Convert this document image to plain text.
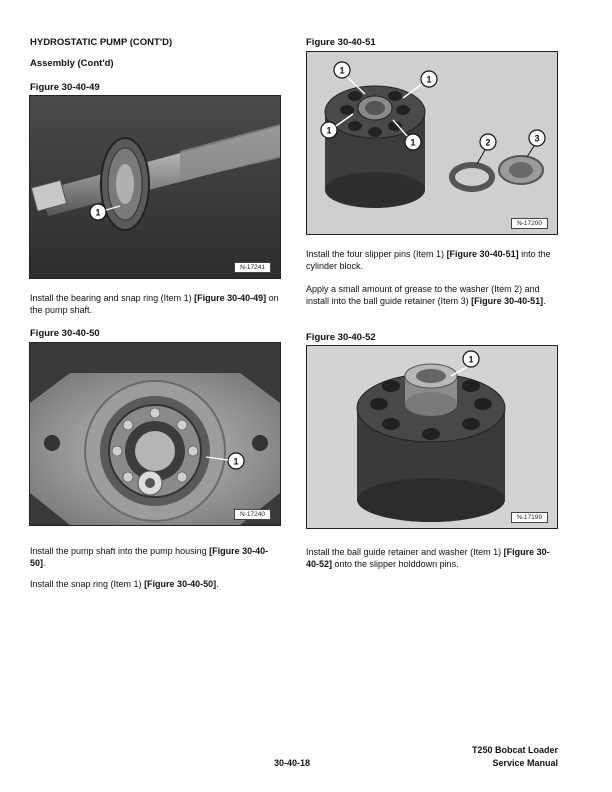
HYDROSTATIC PUMP (CONT'D)
Assembly (Cont'd)
Figure 30-40-49
1
N-17241
Install the bearing and snap ring (Item 1) [Figure 30-40-49] on the pump shaft.
Figure 30-40-50
1
N-17240
Install the pump shaft into the pump housing [Figure 30-40-50].
Install the snap ring (Item 1) [Figure 30-40-50].
Figure 30-40-51
1
1
1
1	2	3
N-17200
Install the four slipper pins (Item 1) [Figure 30-40-51] into the cylinder block.
Apply a small amount of grease to the washer (Item 2) and install into the ball guide retainer (Item 3) [Figure 30-40-51].
Figure 30-40-52
1
N-17199
Install the ball guide retainer and washer (Item 1) [Figure 30-40-52] onto the slipper holddown pins.
30-40-18
T250 Bobcat Loader
Service Manual
